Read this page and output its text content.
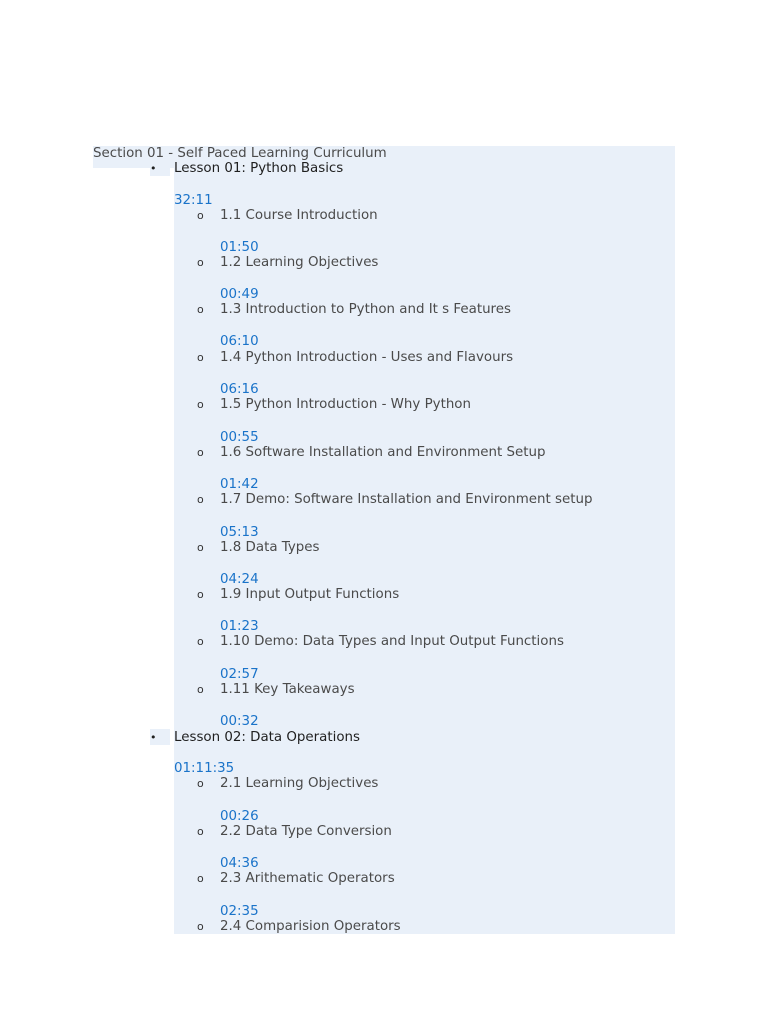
Section 01 - Self Paced Learning Curriculum
• Lesson 01: Python Basics
32:11
o 1.1 Course Introduction
01:50
o 1.2 Learning Objectives
00:49
o 1.3 Introduction to Python and It s Features
06:10
o 1.4 Python Introduction - Uses and Flavours
06:16
o 1.5 Python Introduction - Why Python
00:55
o 1.6 Software Installation and Environment Setup
01:42
o 1.7 Demo: Software Installation and Environment setup
05:13
o 1.8 Data Types
04:24
o 1.9 Input Output Functions
01:23
o 1.10 Demo: Data Types and Input Output Functions
02:57
o 1.11 Key Takeaways
00:32
• Lesson 02: Data Operations
01:11:35
o 2.1 Learning Objectives
00:26
o 2.2 Data Type Conversion
04:36
o 2.3 Arithematic Operators
02:35
o 2.4 Comparision Operators
